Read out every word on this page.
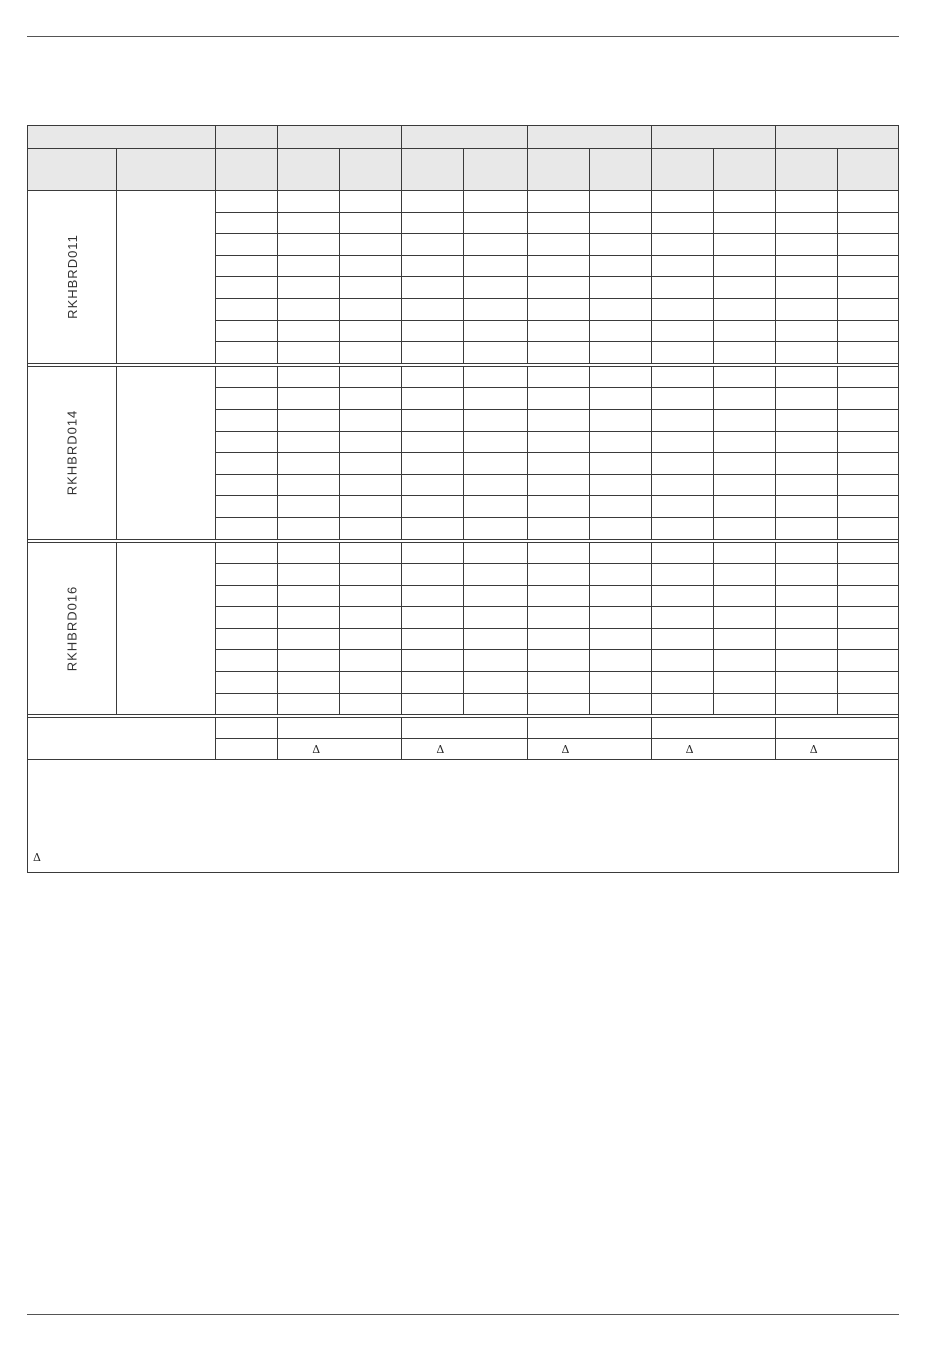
RKHBRD011												

RKHBRD014												

RKHBRD016												

			Δ		Δ		Δ		Δ		Δ	

Δ												
